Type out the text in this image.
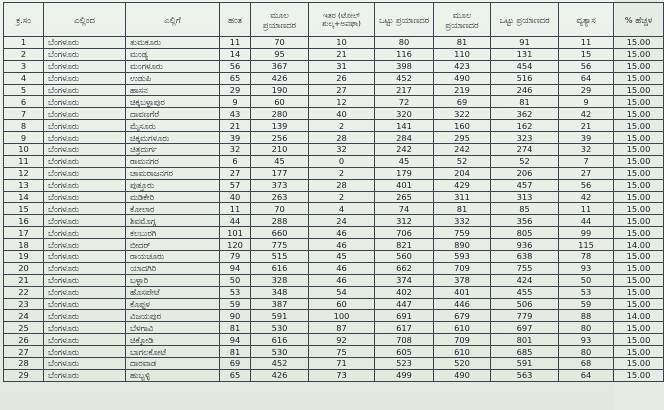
ಕ್ರ.ಸಂ	ಎಲ್ಲಿಂದ	ಎಲ್ಲಿಗೆ	ಹಂತ	ಮೂಲ ಪ್ರಯಾಣದರ	ಇತರ (ಟೋಲ್ ಶುಲ್ಕ+ಅಪಘಾ)	ಒಟ್ಟು ಪ್ರಯಾಣದರ	ಮೂಲ ಪ್ರಯಾಣದರ	ಒಟ್ಟು ಪ್ರಯಾಣದರ	ವ್ಯತ್ಯಾಸ	% ಹೆಚ್ಚಳ
1	ಬೆಂಗಳೂರು	ತುಮಕೂರು	11	70	10	80	81	91	11	15.00
2	ಬೆಂಗಳೂರು	ಮಂಡ್ಯ	14	95	21	116	110	131	15	15.00
3	ಬೆಂಗಳೂರು	ಮಂಗಳೂರು	56	367	31	398	423	454	56	15.00
4	ಬೆಂಗಳೂರು	ಉಡುಪಿ	65	426	26	452	490	516	64	15.00
5	ಬೆಂಗಳೂರು	ಹಾಸನ	29	190	27	217	219	246	29	15.00
6	ಬೆಂಗಳೂರು	ಚಿಕ್ಕಬಳ್ಳಾಪುರ	9	60	12	72	69	81	9	15.00
7	ಬೆಂಗಳೂರು	ದಾವಣಗೆರೆ	43	280	40	320	322	362	42	15.00
8	ಬೆಂಗಳೂರು	ಮೈಸೂರು	21	139	2	141	160	162	21	15.00
9	ಬೆಂಗಳೂರು	ಚಿಕ್ಕಮಗಳೂರು	39	256	28	284	295	323	39	15.00
10	ಬೆಂಗಳೂರು	ಚಿತ್ರದುರ್ಗ	32	210	32	242	242	274	32	15.00
11	ಬೆಂಗಳೂರು	ರಾಮನಗರ	6	45	0	45	52	52	7	15.00
12	ಬೆಂಗಳೂರು	ಚಾಮರಾಜನಗರ	27	177	2	179	204	206	27	15.00
13	ಬೆಂಗಳೂರು	ಪುತ್ತೂರು	57	373	28	401	429	457	56	15.00
14	ಬೆಂಗಳೂರು	ಮಡಿಕೇರಿ	40	263	2	265	311	313	42	15.00
15	ಬೆಂಗಳೂರು	ಕೋಲಾರ	11	70	4	74	81	85	11	15.00
16	ಬೆಂಗಳೂರು	ಶಿವಮೊಗ್ಗ	44	288	24	312	332	356	44	15.00
17	ಬೆಂಗಳೂರು	ಕಲಬುರಗಿ	101	660	46	706	759	805	99	15.00
18	ಬೆಂಗಳೂರು	ಬೀದರ್	120	775	46	821	890	936	115	14.00
19	ಬೆಂಗಳೂರು	ರಾಯಚೂರು	79	515	45	560	593	638	78	15.00
20	ಬೆಂಗಳೂರು	ಯಾದಗಿರಿ	94	616	46	662	709	755	93	15.00
21	ಬೆಂಗಳೂರು	ಬಳ್ಳಾರಿ	50	328	46	374	378	424	50	15.00
22	ಬೆಂಗಳೂರು	ಹೊಸಪೇಟೆ	53	348	54	402	401	455	53	15.00
23	ಬೆಂಗಳೂರು	ಕೊಪ್ಪಳ	59	387	60	447	446	506	59	15.00
24	ಬೆಂಗಳೂರು	ವಿಜಯಪುರ	90	591	100	691	679	779	88	14.00
25	ಬೆಂಗಳೂರು	ಬೆಳಗಾವಿ	81	530	87	617	610	697	80	15.00
26	ಬೆಂಗಳೂರು	ಚಿಕ್ಕೋಡಿ	94	616	92	708	709	801	93	15.00
27	ಬೆಂಗಳೂರು	ಬಾಗಲಕೋಟೆ	81	530	75	605	610	685	80	15.00
28	ಬೆಂಗಳೂರು	ದಾರವಾಡ	69	452	71	523	520	591	68	15.00
29	ಬೆಂಗಳೂರು	ಹುಬ್ಬಳ್ಳಿ	65	426	73	499	490	563	64	15.00
